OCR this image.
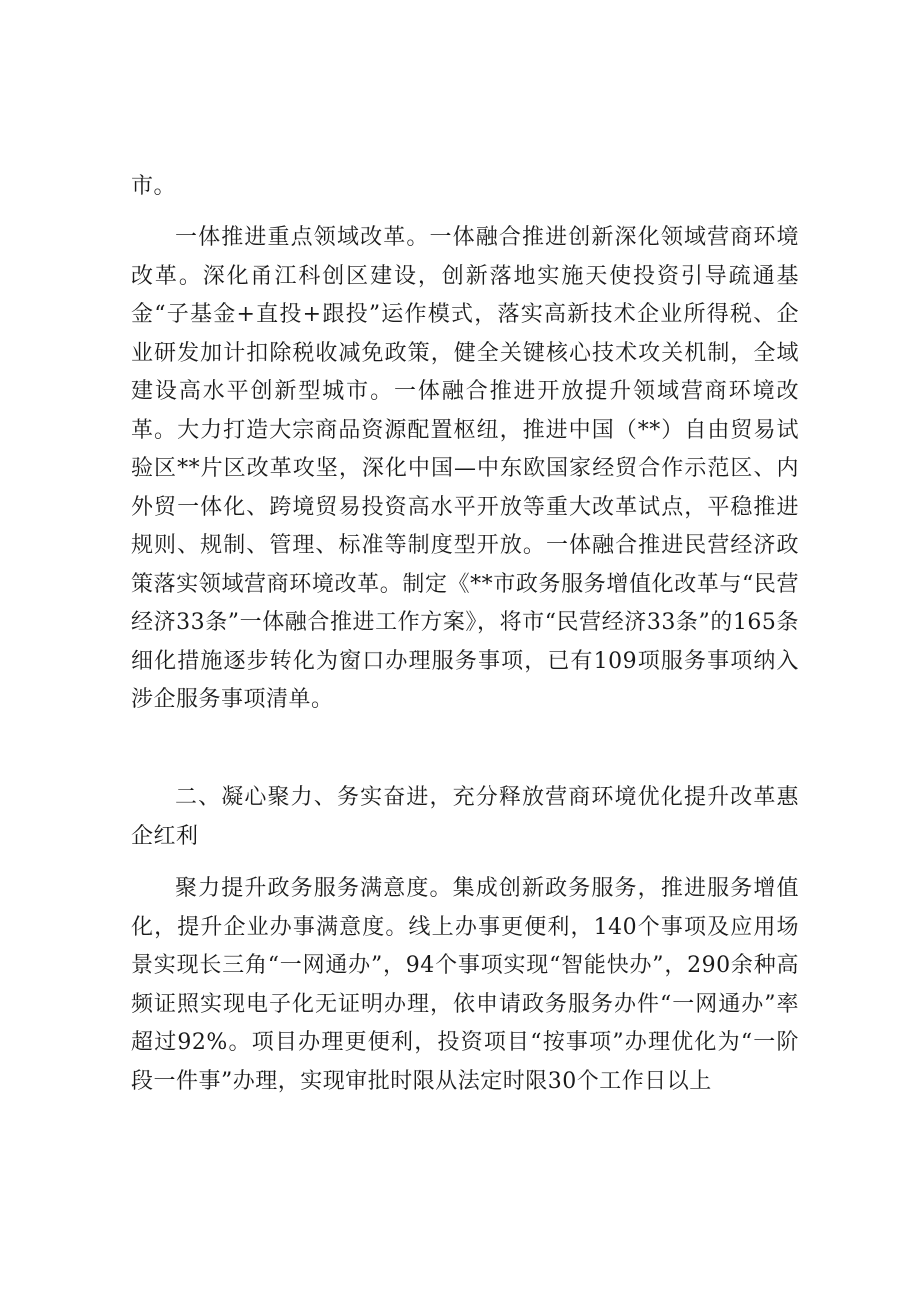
市。

一体推进重点领域改革。一体融合推进创新深化领域营商环境改革。深化甬江科创区建设，创新落地实施天使投资引导疏通基金“子基金+直投+跟投”运作模式，落实高新技术企业所得税、企业研发加计扣除税收减免政策，健全关键核心技术攻关机制，全域建设高水平创新型城市。一体融合推进开放提升领域营商环境改革。大力打造大宗商品资源配置枢纽，推进中国（**）自由贸易试验区**片区改革攻坚，深化中国—中东欧国家经贸合作示范区、内外贸一体化、跨境贸易投资高水平开放等重大改革试点，平稳推进规则、规制、管理、标准等制度型开放。一体融合推进民营经济政策落实领域营商环境改革。制定《**市政务服务增值化改革与“民营经济33条”一体融合推进工作方案》，将市“民营经济33条”的165条细化措施逐步转化为窗口办理服务事项，已有109项服务事项纳入涉企服务事项清单。

二、凝心聚力、务实奋进，充分释放营商环境优化提升改革惠企红利

聚力提升政务服务满意度。集成创新政务服务，推进服务增值化，提升企业办事满意度。线上办事更便利，140个事项及应用场景实现长三角“一网通办”，94个事项实现“智能快办”，290余种高频证照实现电子化无证明办理，依申请政务服务办件“一网通办”率超过92%。项目办理更便利，投资项目“按事项”办理优化为“一阶段一件事”办理，实现审批时限从法定时限30个工作日以上
